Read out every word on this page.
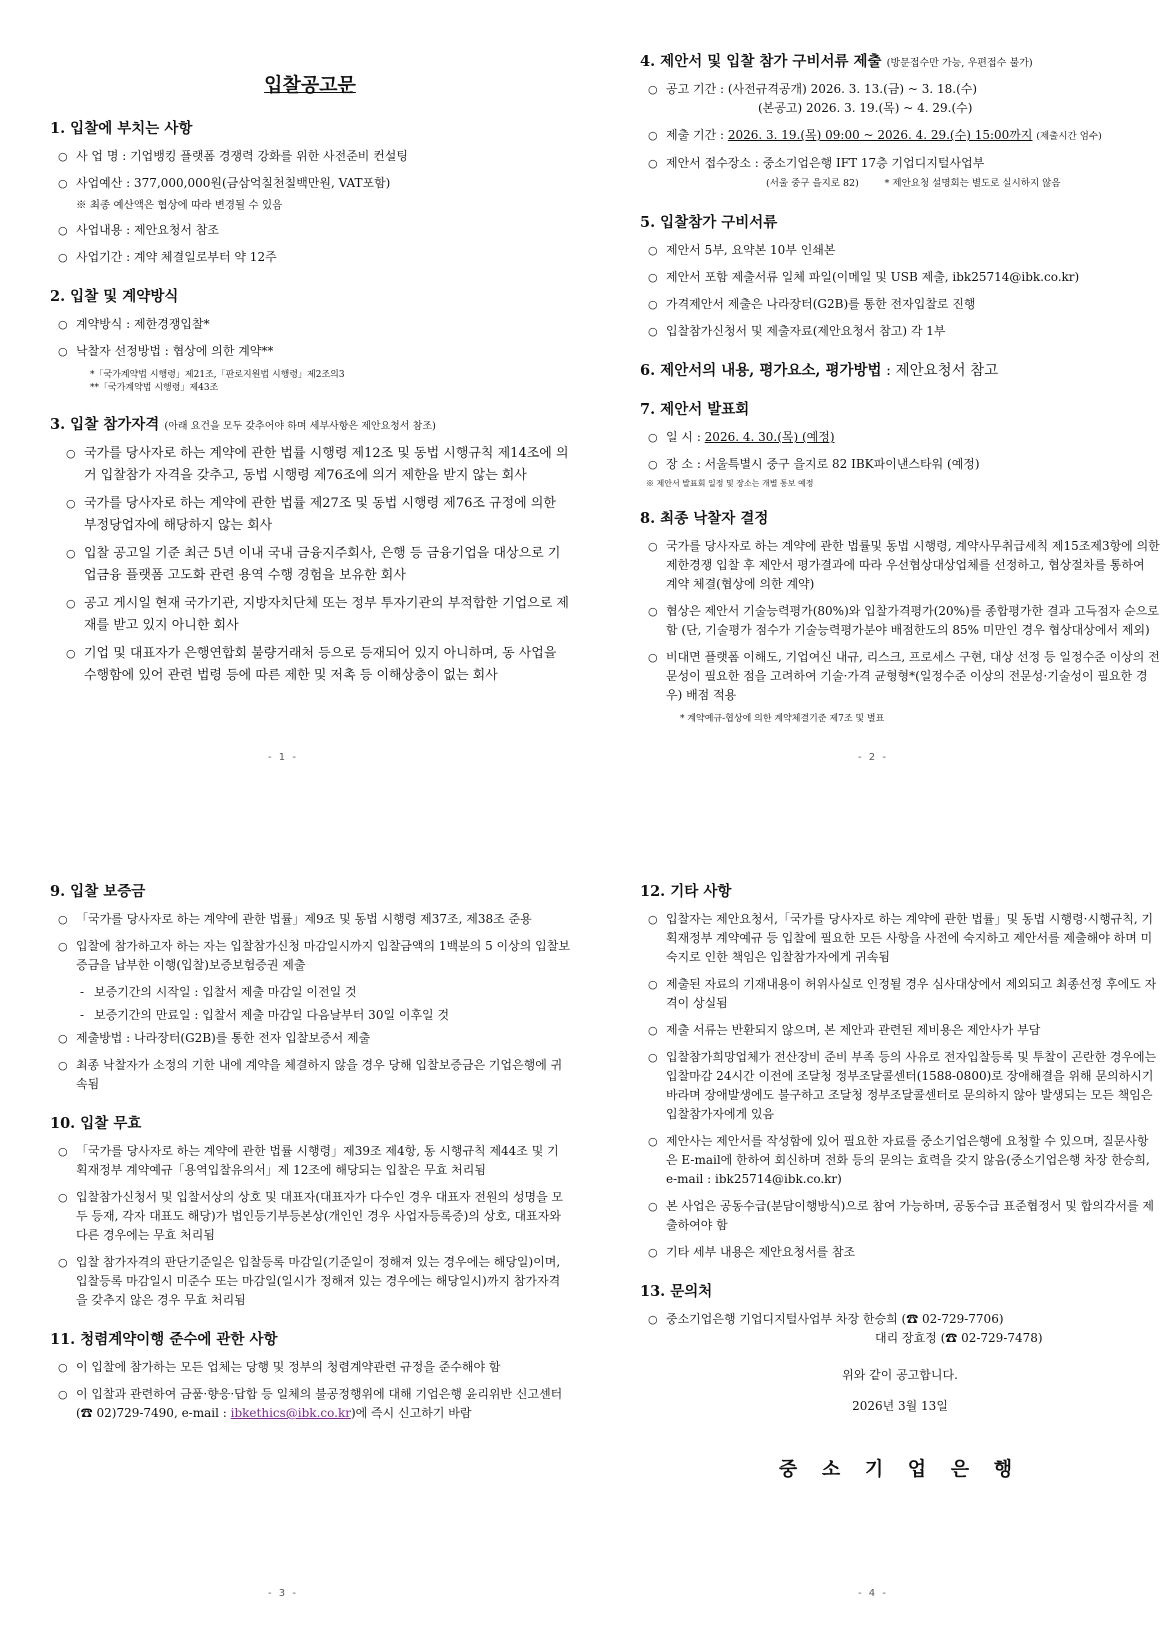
입찰공고문
1. 입찰에 부치는 사항
○ 사 업 명 : 기업뱅킹 플랫폼 경쟁력 강화를 위한 사전준비 컨설팅
○ 사업예산 : 377,000,000원(금삼억칠천칠백만원, VAT포함)
※ 최종 예산액은 협상에 따라 변경될 수 있음
○ 사업내용 : 제안요청서 참조
○ 사업기간 : 계약 체결일로부터 약 12주
2. 입찰 및 계약방식
○ 계약방식 : 제한경쟁입찰*
○ 낙찰자 선정방법 : 협상에 의한 계약**
*「국가계약법 시행령」제21조,「판로지원법 시행령」제2조의3
**「국가계약법 시행령」제43조
3. 입찰 참가자격 (아래 요건을 모두 갖추어야 하며 세부사항은 제안요청서 참조)
○ 국가를 당사자로 하는 계약에 관한 법률 시행령 제12조 및 동법 시행규칙 제14조에 의거 입찰참가 자격을 갖추고, 동법 시행령 제76조에 의거 제한을 받지 않는 회사
○ 국가를 당사자로 하는 계약에 관한 법률 제27조 및 동법 시행령 제76조 규정에 의한 부정당업자에 해당하지 않는 회사
○ 입찰 공고일 기준 최근 5년 이내 국내 금융지주회사, 은행 등 금융기업을 대상으로 기업금융 플랫폼 고도화 관련 용역 수행 경험을 보유한 회사
○ 공고 게시일 현재 국가기관, 지방자치단체 또는 정부 투자기관의 부적합한 기업으로 제재를 받고 있지 아니한 회사
○ 기업 및 대표자가 은행연합회 불량거래처 등으로 등재되어 있지 아니하며, 동 사업을 수행함에 있어 관련 법령 등에 따른 제한 및 저촉 등 이해상충이 없는 회사
- 1 -
4. 제안서 및 입찰 참가 구비서류 제출 (방문접수만 가능, 우편접수 불가)
○ 공고 기간 : (사전규격공개) 2026. 3. 13.(금) ~ 3. 18.(수)
(본공고) 2026. 3. 19.(목) ~ 4. 29.(수)
○ 제출 기간 : 2026. 3. 19.(목) 09:00 ~ 2026. 4. 29.(수) 15:00까지 (제출시간 엄수)
○ 제안서 접수장소 : 중소기업은행 IFT 17층 기업디지털사업부
(서울 중구 을지로 82)	* 제안요청 설명회는 별도로 실시하지 않음
5. 입찰참가 구비서류
○ 제안서 5부, 요약본 10부 인쇄본
○ 제안서 포함 제출서류 일체 파일(이메일 및 USB 제출, ibk25714@ibk.co.kr)
○ 가격제안서 제출은 나라장터(G2B)를 통한 전자입찰로 진행
○ 입찰참가신청서 및 제출자료(제안요청서 참고) 각 1부
6. 제안서의 내용, 평가요소, 평가방법 : 제안요청서 참고
7. 제안서 발표회
○ 일 시 : 2026. 4. 30.(목) (예정)
○ 장 소 : 서울특별시 중구 을지로 82 IBK파이낸스타워 (예정)
※ 제안서 발표회 일정 및 장소는 개별 통보 예정
8. 최종 낙찰자 결정
○ 국가를 당사자로 하는 계약에 관한 법률및 동법 시행령, 계약사무취급세칙 제15조제3항에 의한 제한경쟁 입찰 후 제안서 평가결과에 따라 우선협상대상업체를 선정하고, 협상절차를 통하여 계약 체결(협상에 의한 계약)
○ 협상은 제안서 기술능력평가(80%)와 입찰가격평가(20%)를 종합평가한 결과 고득점자 순으로 함 (단, 기술평가 점수가 기술능력평가분야 배점한도의 85% 미만인 경우 협상대상에서 제외)
○ 비대면 플랫폼 이해도, 기업여신 내규, 리스크, 프로세스 구현, 대상 선정 등 일정수준 이상의 전문성이 필요한 점을 고려하여 기술·가격 균형형*(일정수준 이상의 전문성·기술성이 필요한 경우) 배점 적용
* 계약예규-협상에 의한 계약체결기준 제7조 및 별표
- 2 -
9. 입찰 보증금
○ 「국가를 당사자로 하는 계약에 관한 법률」제9조 및 동법 시행령 제37조, 제38조 준용
○ 입찰에 참가하고자 하는 자는 입찰참가신청 마감일시까지 입찰금액의 1백분의 5 이상의 입찰보증금을 납부한 이행(입찰)보증보험증권 제출
- 보증기간의 시작일 : 입찰서 제출 마감일 이전일 것
- 보증기간의 만료일 : 입찰서 제출 마감일 다음날부터 30일 이후일 것
○ 제출방법 : 나라장터(G2B)를 통한 전자 입찰보증서 제출
○ 최종 낙찰자가 소정의 기한 내에 계약을 체결하지 않을 경우 당해 입찰보증금은 기업은행에 귀속됨
10. 입찰 무효
○ 「국가를 당사자로 하는 계약에 관한 법률 시행령」제39조 제4항, 동 시행규칙 제44조 및 기획재정부 계약예규「용역입찰유의서」제 12조에 해당되는 입찰은 무효 처리됨
○ 입찰참가신청서 및 입찰서상의 상호 및 대표자(대표자가 다수인 경우 대표자 전원의 성명을 모두 등재, 각자 대표도 해당)가 법인등기부등본상(개인인 경우 사업자등록증)의 상호, 대표자와 다른 경우에는 무효 처리됨
○ 입찰 참가자격의 판단기준일은 입찰등록 마감일(기준일이 정해져 있는 경우에는 해당일)이며, 입찰등록 마감일시 미준수 또는 마감일(일시가 정해져 있는 경우에는 해당일시)까지 참가자격을 갖추지 않은 경우 무효 처리됨
11. 청렴계약이행 준수에 관한 사항
○ 이 입찰에 참가하는 모든 업체는 당행 및 정부의 청렴계약관련 규정을 준수해야 함
○ 이 입찰과 관련하여 금품·향응·답합 등 일체의 불공정행위에 대해 기업은행 윤리위반 신고센터(☎ 02)729-7490, e-mail : ibkethics@ibk.co.kr)에 즉시 신고하기 바람
- 3 -
12. 기타 사항
○ 입찰자는 제안요청서,「국가를 당사자로 하는 계약에 관한 법률」및 동법 시행령·시행규칙, 기획재정부 계약예규 등 입찰에 필요한 모든 사항을 사전에 숙지하고 제안서를 제출해야 하며 미숙지로 인한 책임은 입찰참가자에게 귀속됨
○ 제출된 자료의 기재내용이 허위사실로 인정될 경우 심사대상에서 제외되고 최종선정 후에도 자격이 상실됨
○ 제출 서류는 반환되지 않으며, 본 제안과 관련된 제비용은 제안사가 부담
○ 입찰참가희망업체가 전산장비 준비 부족 등의 사유로 전자입찰등록 및 투찰이 곤란한 경우에는 입찰마감 24시간 이전에 조달청 정부조달콜센터(1588-0800)로 장애해결을 위해 문의하시기 바라며 장애발생에도 불구하고 조달청 정부조달콜센터로 문의하지 않아 발생되는 모든 책임은 입찰참가자에게 있음
○ 제안사는 제안서를 작성함에 있어 필요한 자료를 중소기업은행에 요청할 수 있으며, 질문사항은 E-mail에 한하여 회신하며 전화 등의 문의는 효력을 갖지 않음(중소기업은행 차장 한승희, e-mail : ibk25714@ibk.co.kr)
○ 본 사업은 공동수급(분담이행방식)으로 참여 가능하며, 공동수급 표준협정서 및 합의각서를 제출하여야 함
○ 기타 세부 내용은 제안요청서를 참조
13. 문의처
○ 중소기업은행 기업디지털사업부 차장 한승희 (☎ 02-729-7706)
대리 장효정 (☎ 02-729-7478)
위와 같이 공고합니다.
2026년 3월 13일
중 소 기 업 은 행
- 4 -
